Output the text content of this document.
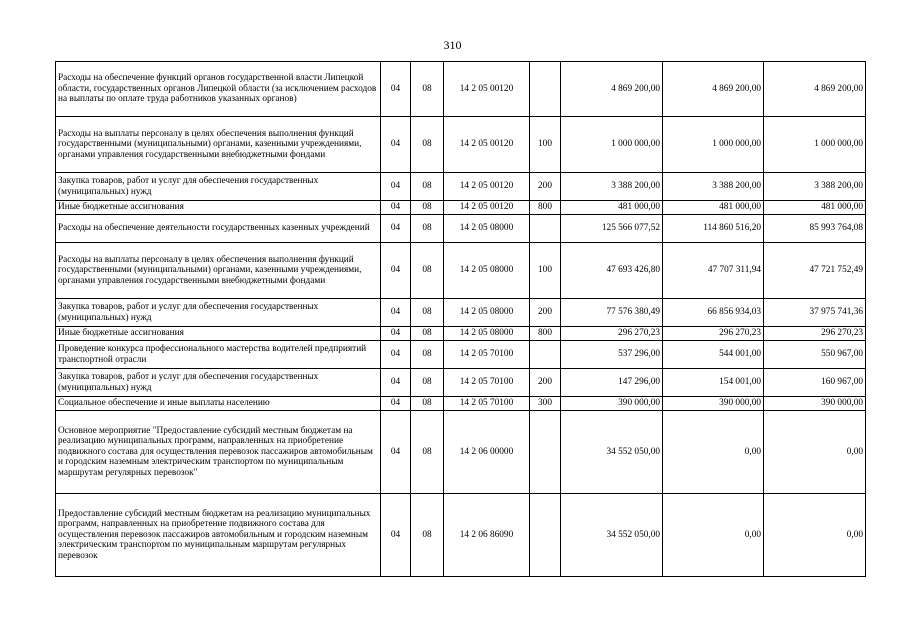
310
Расходы на обеспечение функций органов государственной власти Липецкой области, государственных органов Липецкой области (за исключением расходов на выплаты по оплате труда работников указанных органов)	04	08	14 2 05 00120		4 869 200,00	4 869 200,00	4 869 200,00
Расходы на выплаты персоналу в целях обеспечения выполнения функций государственными (муниципальными) органами, казенными учреждениями, органами управления государственными внебюджетными фондами	04	08	14 2 05 00120	100	1 000 000,00	1 000 000,00	1 000 000,00
Закупка товаров, работ и услуг для обеспечения государственных (муниципальных) нужд	04	08	14 2 05 00120	200	3 388 200,00	3 388 200,00	3 388 200,00
Иные бюджетные ассигнования	04	08	14 2 05 00120	800	481 000,00	481 000,00	481 000,00
Расходы на обеспечение деятельности государственных казенных учреждений	04	08	14 2 05 08000		125 566 077,52	114 860 516,20	85 993 764,08
Расходы на выплаты персоналу в целях обеспечения выполнения функций государственными (муниципальными) органами, казенными учреждениями, органами управления государственными внебюджетными фондами	04	08	14 2 05 08000	100	47 693 426,80	47 707 311,94	47 721 752,49
Закупка товаров, работ и услуг для обеспечения государственных (муниципальных) нужд	04	08	14 2 05 08000	200	77 576 380,49	66 856 934,03	37 975 741,36
Иные бюджетные ассигнования	04	08	14 2 05 08000	800	296 270,23	296 270,23	296 270,23
Проведение конкурса профессионального мастерства водителей предприятий транспортной отрасли	04	08	14 2 05 70100		537 296,00	544 001,00	550 967,00
Закупка товаров, работ и услуг для обеспечения государственных (муниципальных) нужд	04	08	14 2 05 70100	200	147 296,00	154 001,00	160 967,00
Социальное обеспечение и иные выплаты населению	04	08	14 2 05 70100	300	390 000,00	390 000,00	390 000,00
Основное мероприятие "Предоставление субсидий местным бюджетам на реализацию муниципальных программ, направленных на приобретение подвижного состава для осуществления перевозок пассажиров автомобильным и городским наземным электрическим транспортом по муниципальным маршрутам регулярных перевозок"	04	08	14 2 06 00000		34 552 050,00	0,00	0,00
Предоставление субсидий местным бюджетам на реализацию муниципальных программ, направленных на приобретение подвижного состава для осуществления перевозок пассажиров автомобильным и городским наземным электрическим транспортом по муниципальным маршрутам регулярных перевозок	04	08	14 2 06 86090		34 552 050,00	0,00	0,00
